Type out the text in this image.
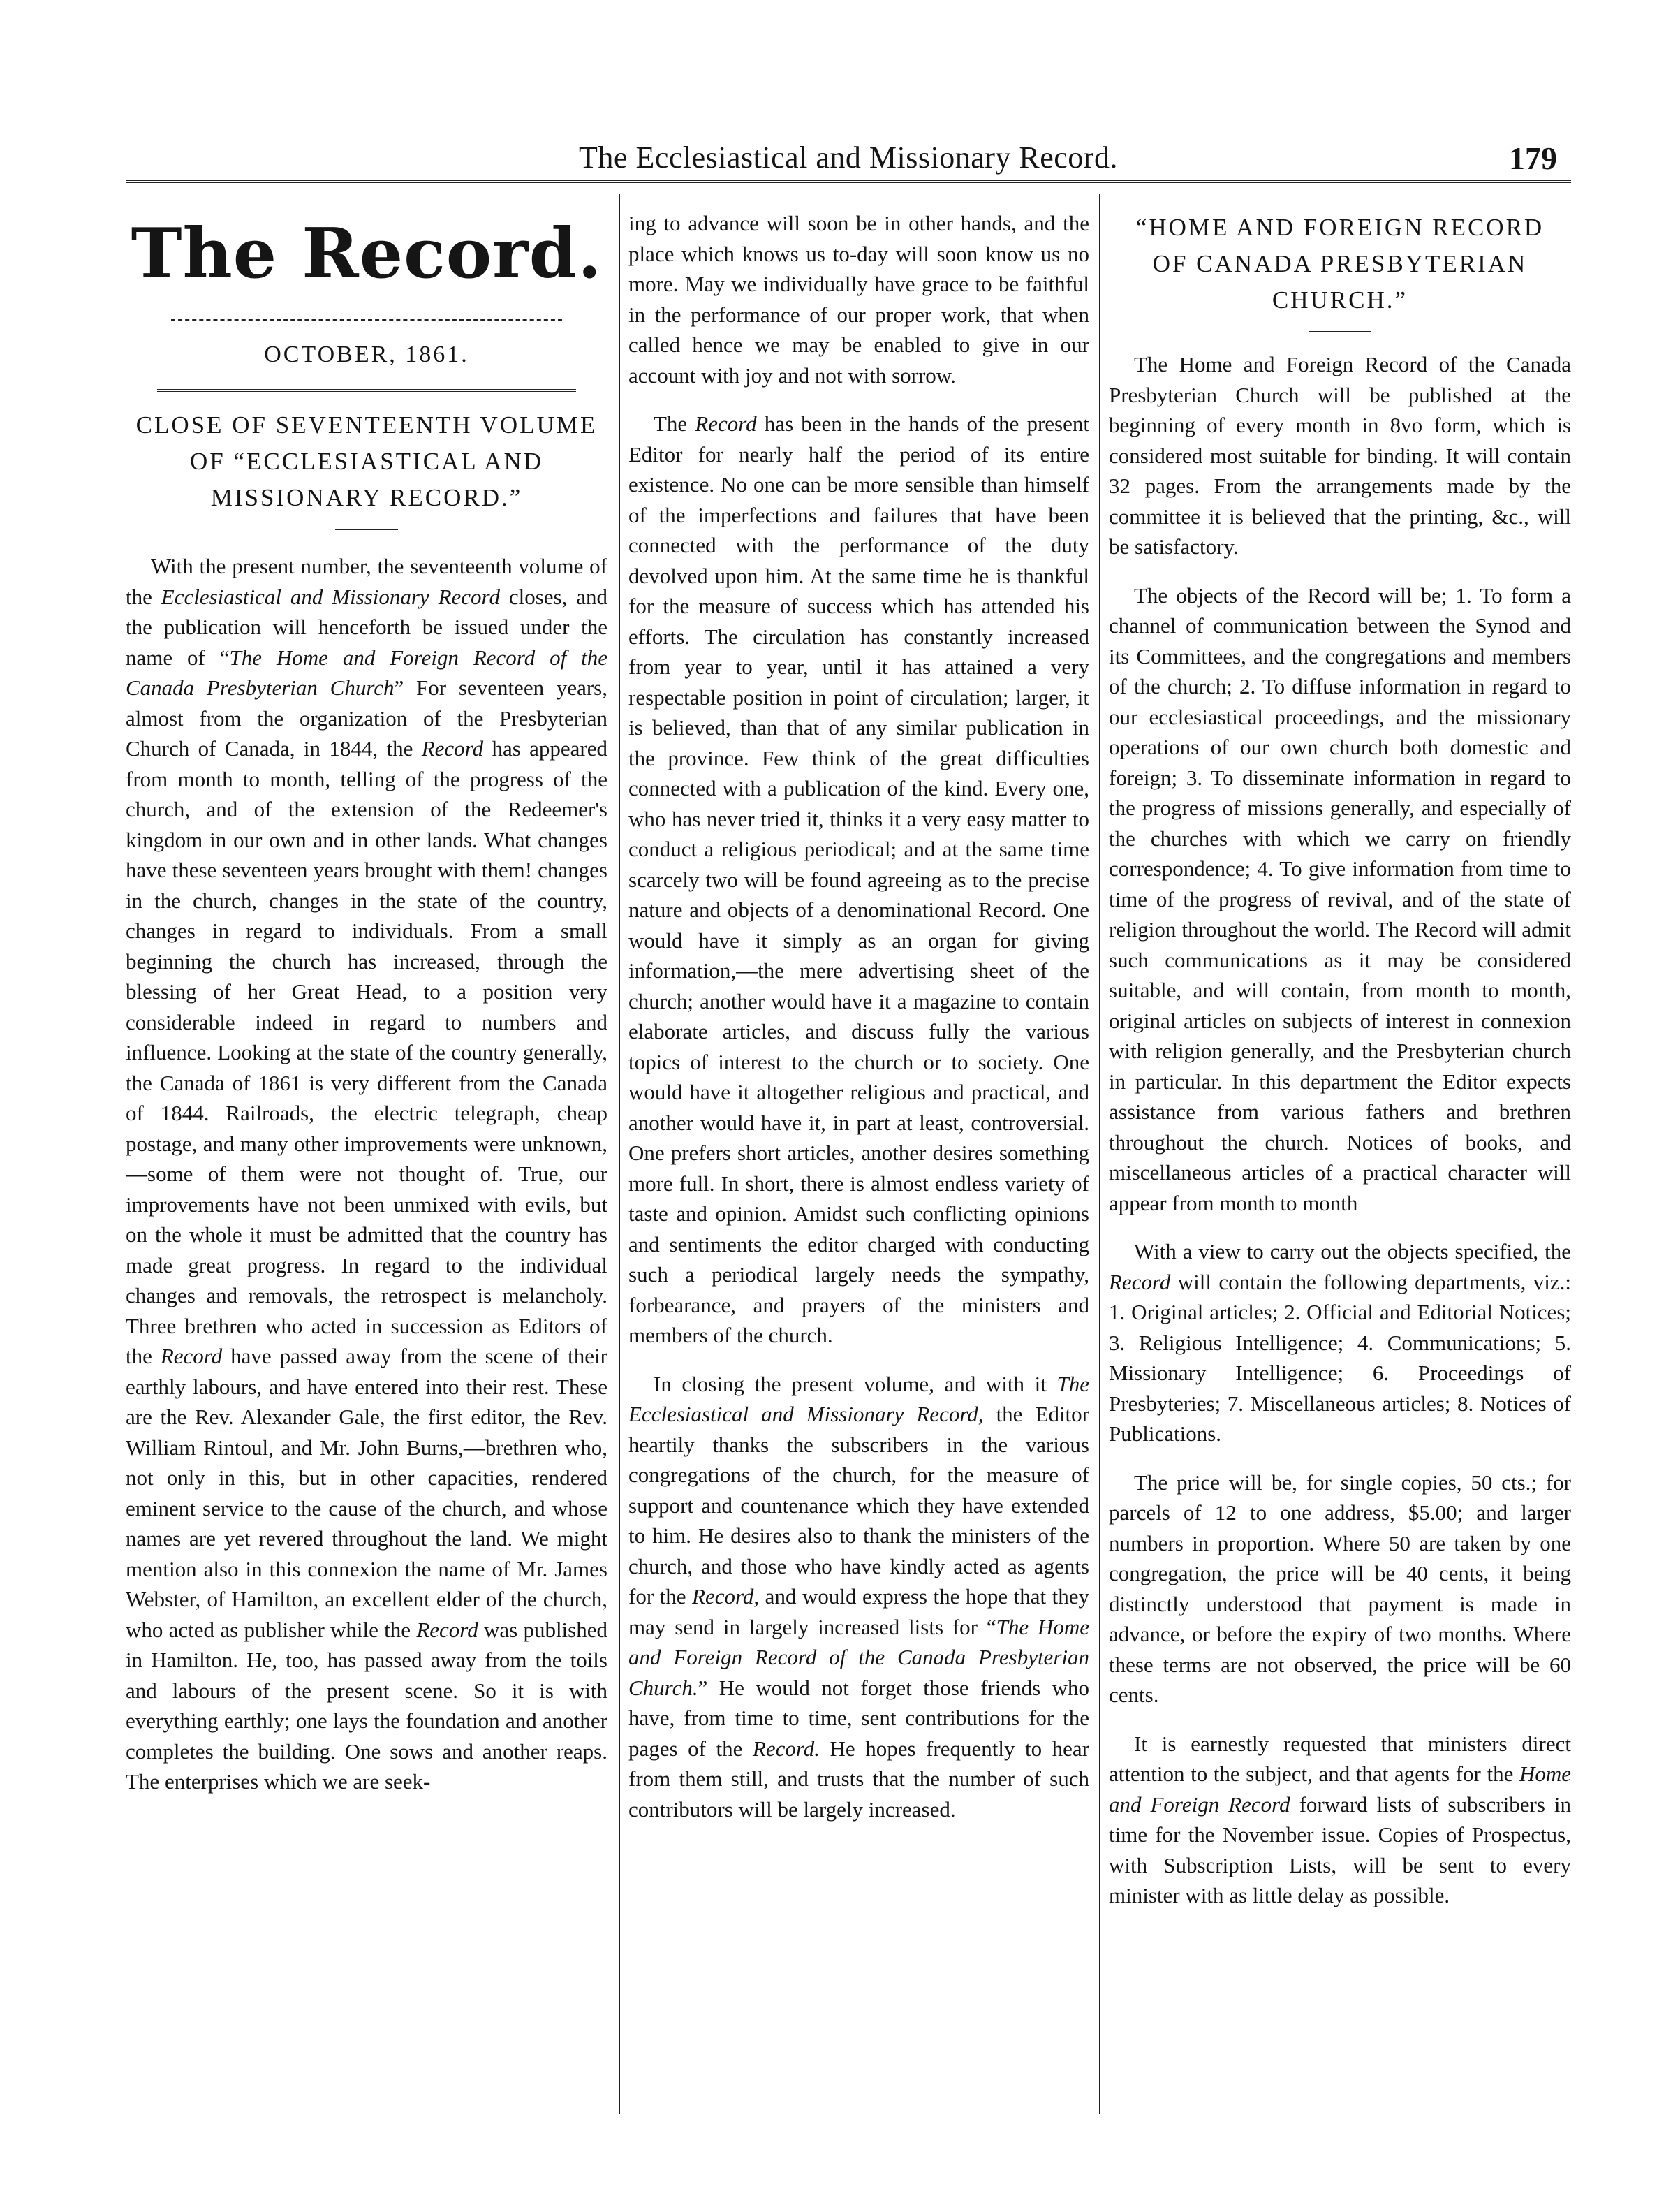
The Ecclesiastical and Missionary Record.	179
The Record.
OCTOBER, 1861.
CLOSE OF SEVENTEENTH VOLUME OF “ECCLESIASTICAL AND MISSIONARY RECORD.”

With the present number, the seventeenth volume of the Ecclesiastical and Missionary Record closes, and the publication will henceforth be issued under the name of “The Home and Foreign Record of the Canada Presbyterian Church” For seventeen years, almost from the organization of the Presbyterian Church of Canada, in 1844, the Record has appeared from month to month, telling of the progress of the church, and of the extension of the Redeemer's kingdom in our own and in other lands. What changes have these seventeen years brought with them! changes in the church, changes in the state of the country, changes in regard to individuals. From a small beginning the church has increased, through the blessing of her Great Head, to a position very considerable indeed in regard to numbers and influence. Looking at the state of the country generally, the Canada of 1861 is very different from the Canada of 1844. Railroads, the electric telegraph, cheap postage, and many other improvements were unknown,—some of them were not thought of. True, our improvements have not been unmixed with evils, but on the whole it must be admitted that the country has made great progress. In regard to the individual changes and removals, the retrospect is melancholy. Three brethren who acted in succession as Editors of the Record have passed away from the scene of their earthly labours, and have entered into their rest. These are the Rev. Alexander Gale, the first editor, the Rev. William Rintoul, and Mr. John Burns,—brethren who, not only in this, but in other capacities, rendered eminent service to the cause of the church, and whose names are yet revered throughout the land. We might mention also in this connexion the name of Mr. James Webster, of Hamilton, an excellent elder of the church, who acted as publisher while the Record was published in Hamilton. He, too, has passed away from the toils and labours of the present scene. So it is with everything earthly; one lays the foundation and another completes the building. One sows and another reaps. The enterprises which we are seek-

ing to advance will soon be in other hands, and the place which knows us to-day will soon know us no more. May we individually have grace to be faithful in the performance of our proper work, that when called hence we may be enabled to give in our account with joy and not with sorrow.

The Record has been in the hands of the present Editor for nearly half the period of its entire existence. No one can be more sensible than himself of the imperfections and failures that have been connected with the performance of the duty devolved upon him. At the same time he is thankful for the measure of success which has attended his efforts. The circulation has constantly increased from year to year, until it has attained a very respectable position in point of circulation; larger, it is believed, than that of any similar publication in the province. Few think of the great difficulties connected with a publication of the kind. Every one, who has never tried it, thinks it a very easy matter to conduct a religious periodical; and at the same time scarcely two will be found agreeing as to the precise nature and objects of a denominational Record. One would have it simply as an organ for giving information,—the mere advertising sheet of the church; another would have it a magazine to contain elaborate articles, and discuss fully the various topics of interest to the church or to society. One would have it altogether religious and practical, and another would have it, in part at least, controversial. One prefers short articles, another desires something more full. In short, there is almost endless variety of taste and opinion. Amidst such conflicting opinions and sentiments the editor charged with conducting such a periodical largely needs the sympathy, forbearance, and prayers of the ministers and members of the church.

In closing the present volume, and with it The Ecclesiastical and Missionary Record, the Editor heartily thanks the subscribers in the various congregations of the church, for the measure of support and countenance which they have extended to him. He desires also to thank the ministers of the church, and those who have kindly acted as agents for the Record, and would express the hope that they may send in largely increased lists for “The Home and Foreign Record of the Canada Presbyterian Church.” He would not forget those friends who have, from time to time, sent contributions for the pages of the Record. He hopes frequently to hear from them still, and trusts that the number of such contributors will be largely increased.

“HOME AND FOREIGN RECORD OF CANADA PRESBYTERIAN CHURCH.”

The Home and Foreign Record of the Canada Presbyterian Church will be published at the beginning of every month in 8vo form, which is considered most suitable for binding. It will contain 32 pages. From the arrangements made by the committee it is believed that the printing, &c., will be satisfactory.

The objects of the Record will be; 1. To form a channel of communication between the Synod and its Committees, and the congregations and members of the church; 2. To diffuse information in regard to our ecclesiastical proceedings, and the missionary operations of our own church both domestic and foreign; 3. To disseminate information in regard to the progress of missions generally, and especially of the churches with which we carry on friendly correspondence; 4. To give information from time to time of the progress of revival, and of the state of religion throughout the world. The Record will admit such communications as it may be considered suitable, and will contain, from month to month, original articles on subjects of interest in connexion with religion generally, and the Presbyterian church in particular. In this department the Editor expects assistance from various fathers and brethren throughout the church. Notices of books, and miscellaneous articles of a practical character will appear from month to month

With a view to carry out the objects specified, the Record will contain the following departments, viz.: 1. Original articles; 2. Official and Editorial Notices; 3. Religious Intelligence; 4. Communications; 5. Missionary Intelligence; 6. Proceedings of Presbyteries; 7. Miscellaneous articles; 8. Notices of Publications.

The price will be, for single copies, 50 cts.; for parcels of 12 to one address, $5.00; and larger numbers in proportion. Where 50 are taken by one congregation, the price will be 40 cents, it being distinctly understood that payment is made in advance, or before the expiry of two months. Where these terms are not observed, the price will be 60 cents.

It is earnestly requested that ministers direct attention to the subject, and that agents for the Home and Foreign Record forward lists of subscribers in time for the November issue. Copies of Prospectus, with Subscription Lists, will be sent to every minister with as little delay as possible.
